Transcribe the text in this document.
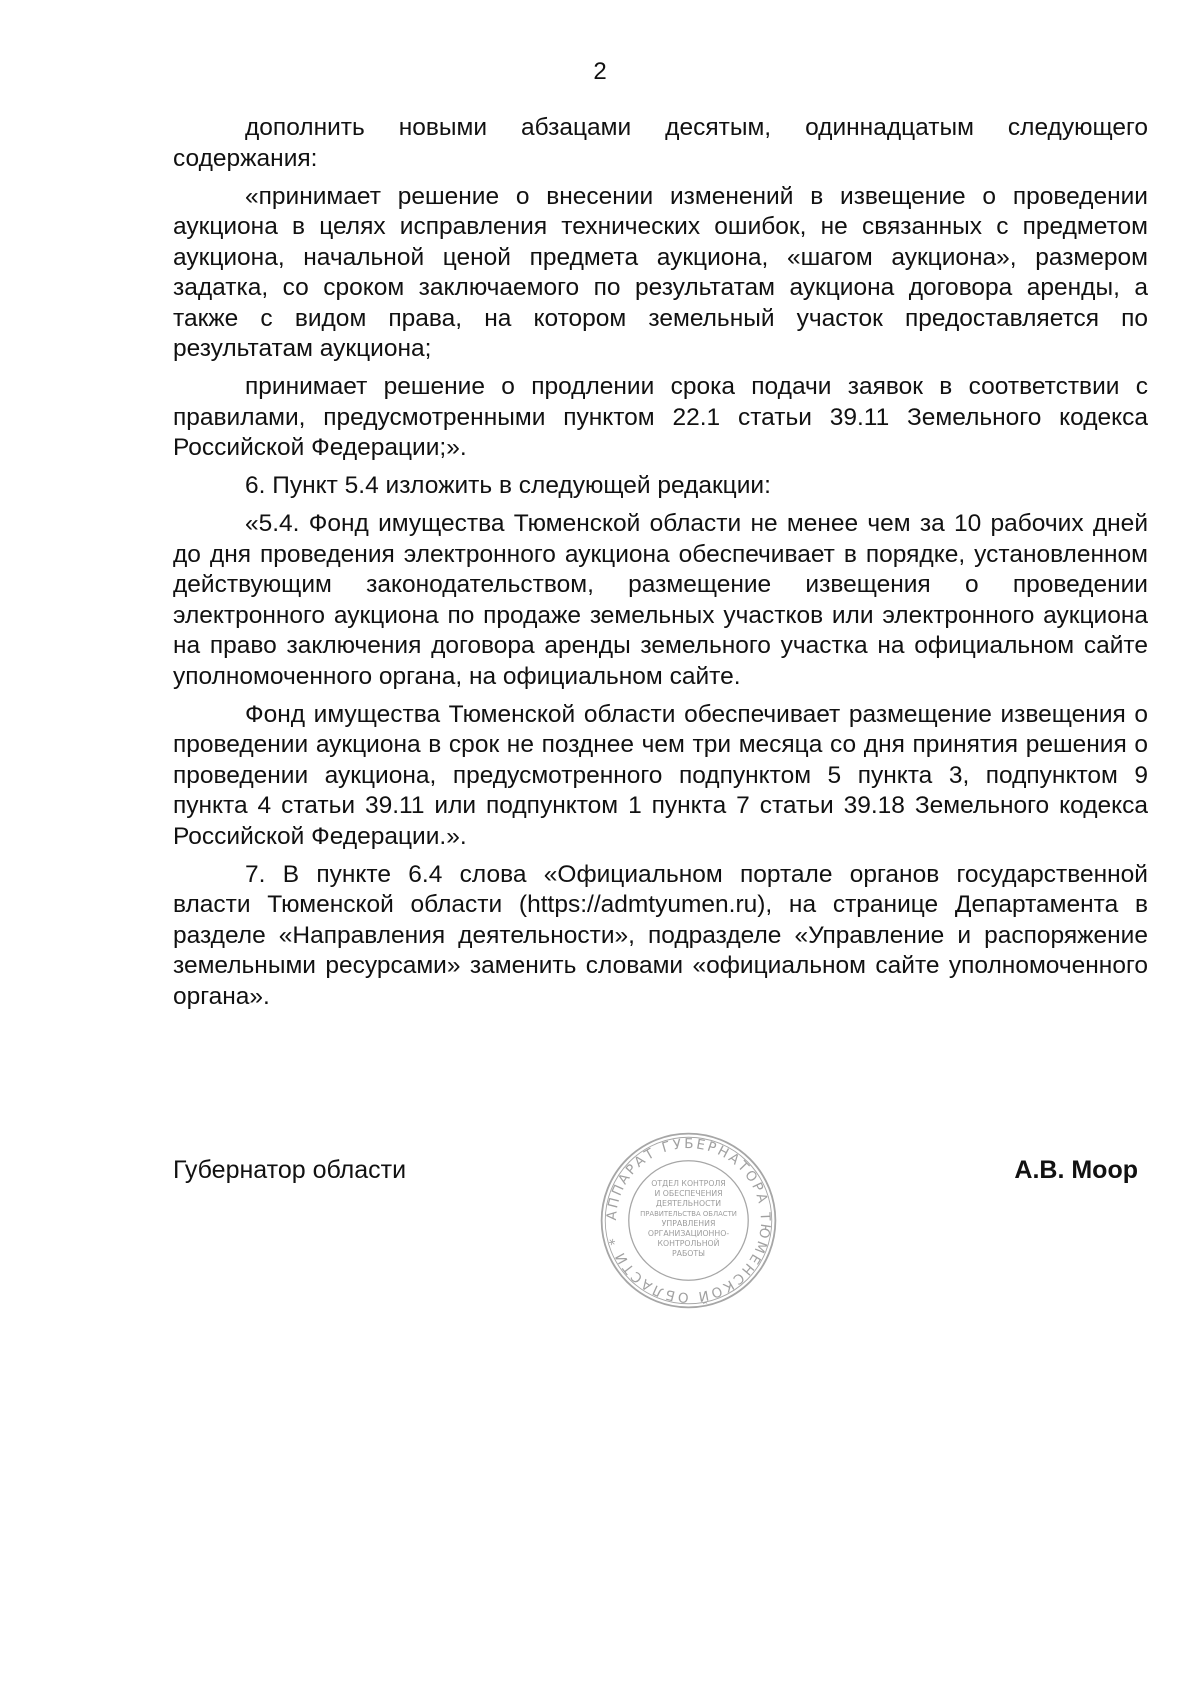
2

дополнить новыми абзацами десятым, одиннадцатым следующего содержания:

«принимает решение о внесении изменений в извещение о проведении аукциона в целях исправления технических ошибок, не связанных с предметом аукциона, начальной ценой предмета аукциона, «шагом аукциона», размером задатка, со сроком заключаемого по результатам аукциона договора аренды, а также с видом права, на котором земельный участок предоставляется по результатам аукциона;

принимает решение о продлении срока подачи заявок в соответствии с правилами, предусмотренными пунктом 22.1 статьи 39.11 Земельного кодекса Российской Федерации;».

6. Пункт 5.4 изложить в следующей редакции:

«5.4. Фонд имущества Тюменской области не менее чем за 10 рабочих дней до дня проведения электронного аукциона обеспечивает в порядке, установленном действующим законодательством, размещение извещения о проведении электронного аукциона по продаже земельных участков или электронного аукциона на право заключения договора аренды земельного участка на официальном сайте уполномоченного органа, на официальном сайте.

Фонд имущества Тюменской области обеспечивает размещение извещения о проведении аукциона в срок не позднее чем три месяца со дня принятия решения о проведении аукциона, предусмотренного подпунктом 5 пункта 3, подпунктом 9 пункта 4 статьи 39.11 или подпунктом 1 пункта 7 статьи 39.18 Земельного кодекса Российской Федерации.».

7. В пункте 6.4 слова «Официальном портале органов государственной власти Тюменской области (https://admtyumen.ru), на странице Департамента в разделе «Направления деятельности», подразделе «Управление и распоряжение земельными ресурсами» заменить словами «официальном сайте уполномоченного органа».

Губернатор области	А.В. Моор
АППАРАТ ГУБЕРНАТОРА ТЮМЕНСКОЙ ОБЛАСТИ *
ОТДЕЛ КОНТРОЛЯ
И ОБЕСПЕЧЕНИЯ
ДЕЯТЕЛЬНОСТИ
ПРАВИТЕЛЬСТВА ОБЛАСТИ
УПРАВЛЕНИЯ
ОРГАНИЗАЦИОННО-
КОНТРОЛЬНОЙ
РАБОТЫ
